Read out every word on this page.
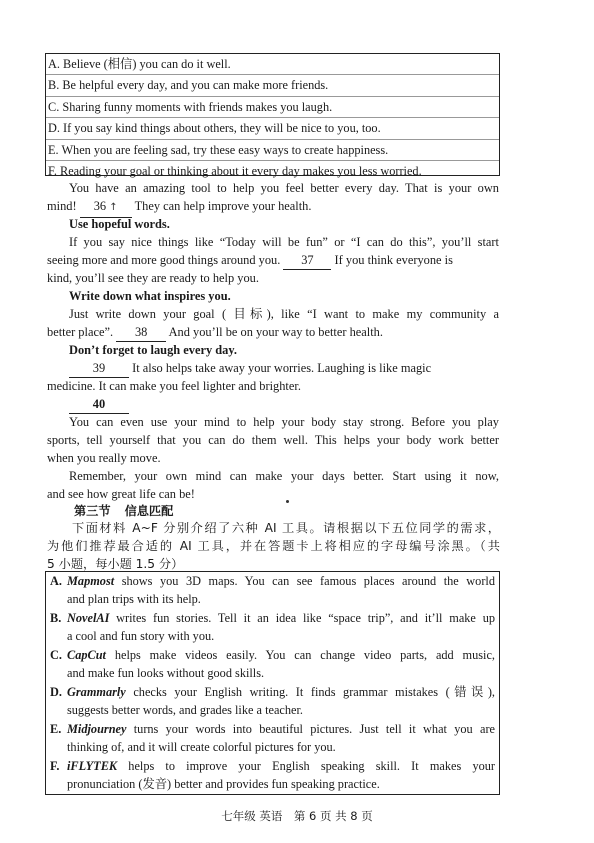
A. Believe (相信) you can do it well.
B. Be helpful every day, and you can make more friends.
C. Sharing funny moments with friends makes you laugh.
D. If you say kind things about others, they will be nice to you, too.
E. When you are feeling sad, try these easy ways to create happiness.
F. Reading your goal or thinking about it every day makes you less worried.
You have an amazing tool to help you feel better every day. That is your own
mind! 36 ↑ They can help improve your health.
Use hopeful words.
If you say nice things like “Today will be fun” or “I can do this”, you’ll start
seeing more and more good things around you. 37 If you think everyone is
kind, you’ll see they are ready to help you.
Write down what inspires you.
Just write down your goal ( 目标), like “I want to make my community a
better place”. 38 And you’ll be on your way to better health.
Don’t forget to laugh every day.
39 It also helps take away your worries. Laughing is like magic
medicine. It can make you feel lighter and brighter.
40
You can even use your mind to help your body stay strong. Before you play
sports, tell yourself that you can do them well. This helps your body work better
when you really move.
Remember, your own mind can make your days better. Start using it now,
and see how great life can be!
第三节 信息匹配
下面材料 A~F 分别介绍了六种 AI 工具。请根据以下五位同学的需求，
为他们推荐最合适的 AI 工具，并在答题卡上将相应的字母编号涂黑。（共
5 小题，每小题 1.5 分）
A. Mapmost shows you 3D maps. You can see famous places around the world
and plan trips with its help.
B. NovelAI writes fun stories. Tell it an idea like “space trip”, and it’ll make up
a cool and fun story with you.
C. CapCut helps make videos easily. You can change video parts, add music,
and make fun looks without good skills.
D. Grammarly checks your English writing. It finds grammar mistakes (错误),
suggests better words, and grades like a teacher.
E. Midjourney turns your words into beautiful pictures. Just tell it what you are
thinking of, and it will create colorful pictures for you.
F. iFLYTEK helps to improve your English speaking skill. It makes your
pronunciation (发音) better and provides fun speaking practice.
七年级 英语　第 6 页 共 8 页
